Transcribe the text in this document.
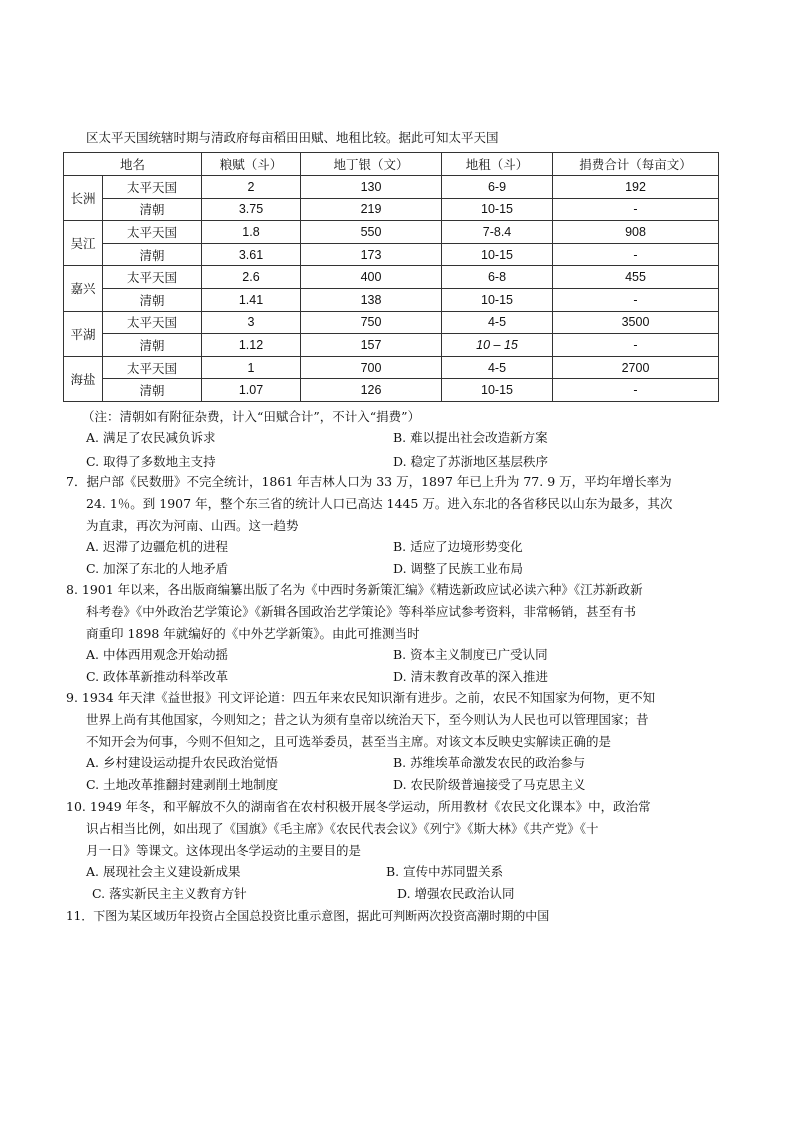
区太平天国统辖时期与清政府每亩稻田田赋、地租比较。据此可知太平天国
地名		粮赋（斗）	地丁银（文）	地租（斗）	捐费合计（每亩文）
长洲	太平天国	2	130	6-9	192
	清朝	3.75	219	10-15	-
吴江	太平天国	1.8	550	7-8.4	908
	清朝	3.61	173	10-15	-
嘉兴	太平天国	2.6	400	6-8	455
	清朝	1.41	138	10-15	-
平湖	太平天国	3	750	4-5	3500
	清朝	1.12	157	10 – 15	-
海盐	太平天国	1	700	4-5	2700
	清朝	1.07	126	10-15	-
（注：清朝如有附征杂费，计入“田赋合计”，不计入“捐费”）
A. 满足了农民减负诉求	B. 难以提出社会改造新方案
C. 取得了多数地主支持	D. 稳定了苏浙地区基层秩序
7．据户部《民数册》不完全统计，1861 年吉林人口为 33 万，1897 年已上升为 77. 9 万，平均年增长率为
24. 1％。到 1907 年，整个东三省的统计人口已高达 1445 万。进入东北的各省移民以山东为最多，其次
为直隶，再次为河南、山西。这一趋势
A. 迟滞了边疆危机的进程	B. 适应了边境形势变化
C. 加深了东北的人地矛盾	D. 调整了民族工业布局
8. 1901 年以来，各出版商编纂出版了名为《中西时务新策汇编》《精选新政应试必读六种》《江苏新政新
科考卷》《中外政治艺学策论》《新辑各国政治艺学策论》等科举应试参考资料，非常畅销，甚至有书
商重印 1898 年就编好的《中外艺学新策》。由此可推测当时
A. 中体西用观念开始动摇	B. 资本主义制度已广受认同
C. 政体革新推动科举改革	D. 清末教育改革的深入推进
9. 1934 年天津《益世报》刊文评论道：四五年来农民知识渐有进步。之前，农民不知国家为何物，更不知
世界上尚有其他国家，今则知之；昔之认为须有皇帝以统治天下，至今则认为人民也可以管理国家；昔
不知开会为何事，今则不但知之，且可选举委员，甚至当主席。对该文本反映史实解读正确的是
A. 乡村建设运动提升农民政治觉悟	B. 苏维埃革命激发农民的政治参与
C. 土地改革推翻封建剥削土地制度	D. 农民阶级普遍接受了马克思主义
10. 1949 年冬，和平解放不久的湖南省在农村积极开展冬学运动，所用教材《农民文化课本》中，政治常
识占相当比例，如出现了《国旗》《毛主席》《农民代表会议》《列宁》《斯大林》《共产党》《十
月一日》等课文。这体现出冬学运动的主要目的是
A. 展现社会主义建设新成果	B. 宣传中苏同盟关系
C. 落实新民主主义教育方针	D. 增强农民政治认同
11．下图为某区域历年投资占全国总投资比重示意图，据此可判断两次投资高潮时期的中国
